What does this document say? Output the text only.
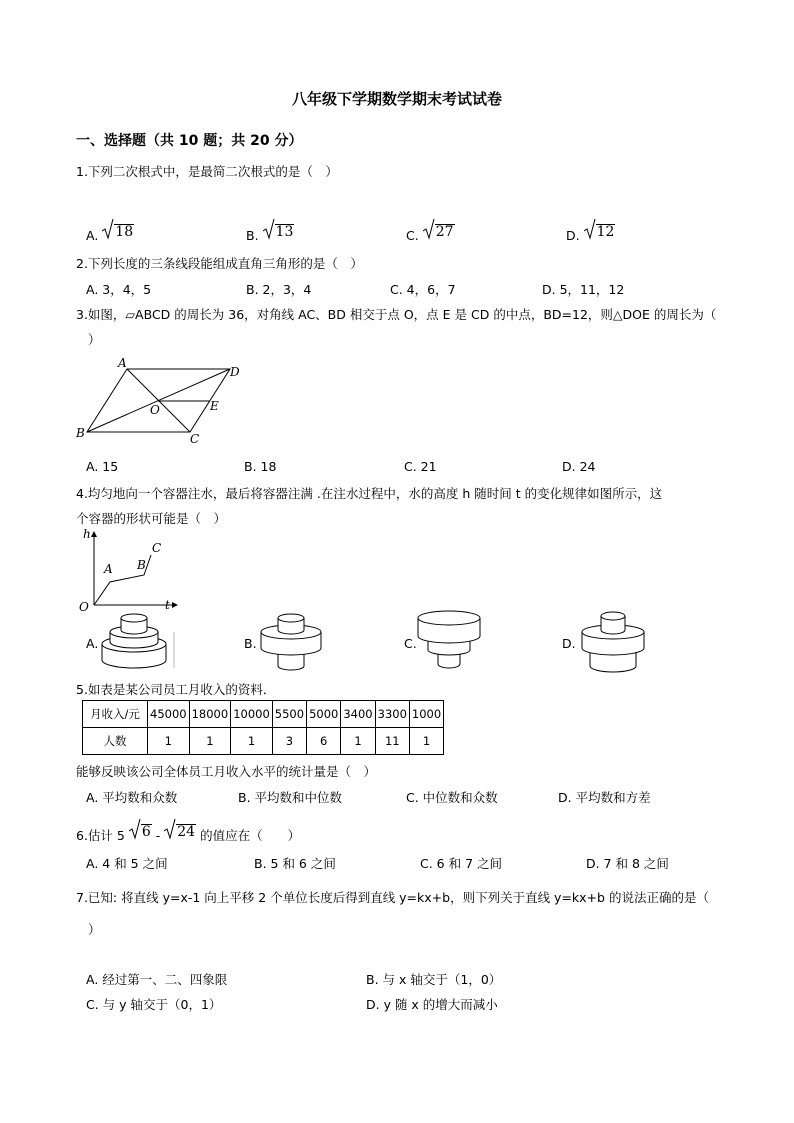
八年级下学期数学期末考试试卷
一、选择题（共 10 题；共 20 分）
1.下列二次根式中，是最简二次根式的是（　）
A. 18	B. 13	C. 27	D. 12
2.下列长度的三条线段能组成直角三角形的是（　）
A. 3，4，5	B. 2，3，4	C. 4，6，7	D. 5，11，12
3.如图，▱ABCD 的周长为 36，对角线 AC、BD 相交于点 O，点 E 是 CD 的中点，BD=12，则△DOE 的周长为（
）
A
D
B	C
O	E
A. 15	B. 18	C. 21	D. 24
4.均匀地向一个容器注水，最后将容器注满 .在注水过程中，水的高度 h 随时间 t 的变化规律如图所示，这
个容器的形状可能是（　）
h
t
O
A B
C
A.	B.	C.	D.
5.如表是某公司员工月收入的资料．
月收入/元	45000	18000	10000	5500	5000	3400	3300	1000
人数	1	1	1	3	6	1	11	1
能够反映该公司全体员工月收入水平的统计量是（　）
A. 平均数和众数	B. 平均数和中位数	C. 中位数和众数	D. 平均数和方差
6.估计 5 6 - 24 的值应在（　　）
A. 4 和 5 之间	B. 5 和 6 之间	C. 6 和 7 之间	D. 7 和 8 之间
7.已知: 将直线 y=x-1 向上平移 2 个单位长度后得到直线 y=kx+b，则下列关于直线 y=kx+b 的说法正确的是（
）
A. 经过第一、二、四象限	B. 与 x 轴交于（1，0）
C. 与 y 轴交于（0，1）	D. y 随 x 的增大而减小
